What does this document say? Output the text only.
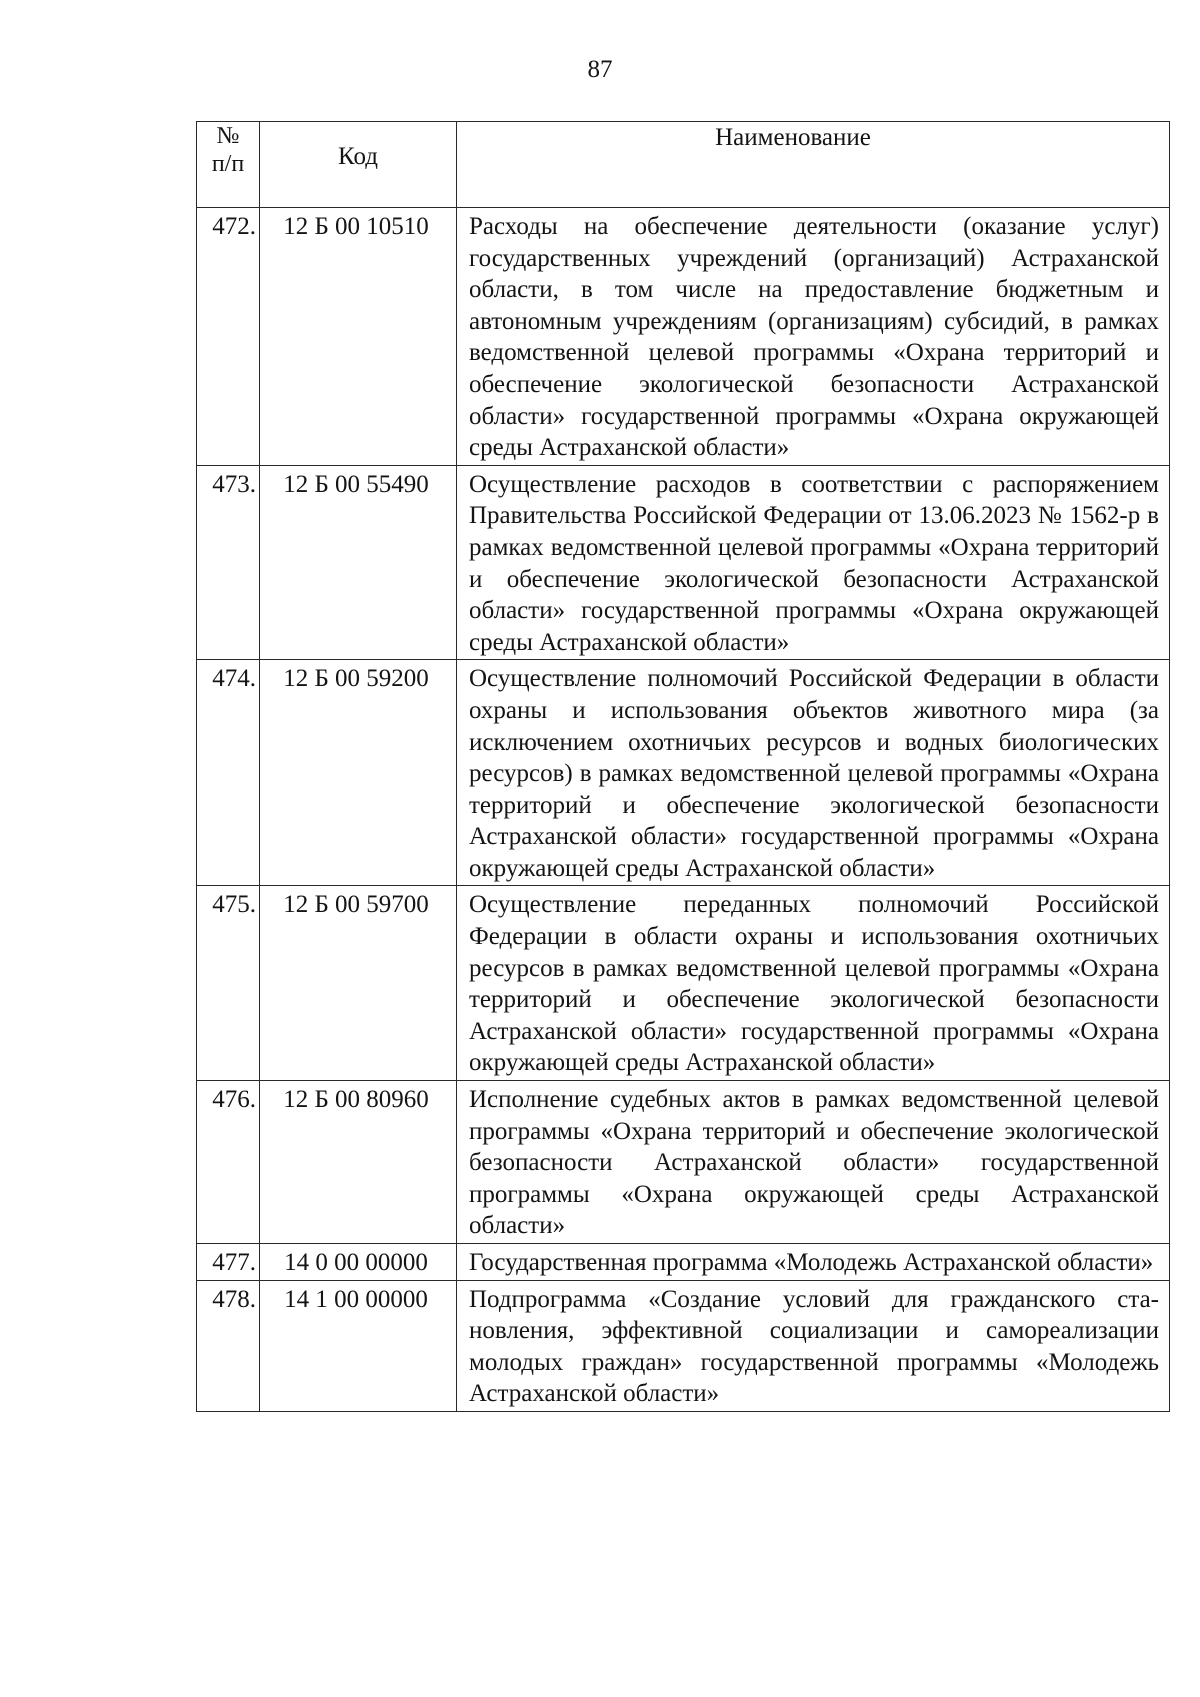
87
№
п/п	Код	Наименование
472.	12 Б 00 10510	Расходы на обеспечение деятельности (оказание услуг) государственных учреждений (организаций) Астраханской области, в том числе на предоставление бюджетным и автономным учреждениям (организациям) субсидий, в рамках ведомственной целевой программы «Охрана территорий и обеспечение экологической безопасности Астраханской области» государственной программы «Охрана окружающей среды Астраханской области»
473.	12 Б 00 55490	Осуществление расходов в соответствии с распоряжением Правительства Российской Федерации от 13.06.2023 № 1562-р в рамках ведомственной целевой программы «Охрана территорий и обеспечение экологической безопасности Астраханской области» государственной программы «Охрана окружающей среды Астраханской области»
474.	12 Б 00 59200	Осуществление полномочий Российской Федерации в области охраны и использования объектов животного мира (за исключением охотничьих ресурсов и водных биологических ресурсов) в рамках ведомственной целевой программы «Охрана территорий и обеспечение экологической безопасности Астраханской области» государственной программы «Охрана окружающей среды Астраханской области»
475.	12 Б 00 59700	Осуществление переданных полномочий Российской Федерации в области охраны и использования охотничьих ресурсов в рамках ведомственной целевой программы «Охрана территорий и обеспечение экологической безопасности Астраханской области» государственной программы «Охрана окружающей среды Астраханской области»
476.	12 Б 00 80960	Исполнение судебных актов в рамках ведомственной целевой программы «Охрана территорий и обеспечение экологической безопасности Астраханской области» государственной программы «Охрана окружающей среды Астраханской области»
477.	14 0 00 00000	Государственная программа «Молодежь Астраханской области»
478.	14 1 00 00000	Подпрограмма «Создание условий для гражданского становления, эффективной социализации и самореализации молодых граждан» государственной программы «Молодежь Астраханской области»
